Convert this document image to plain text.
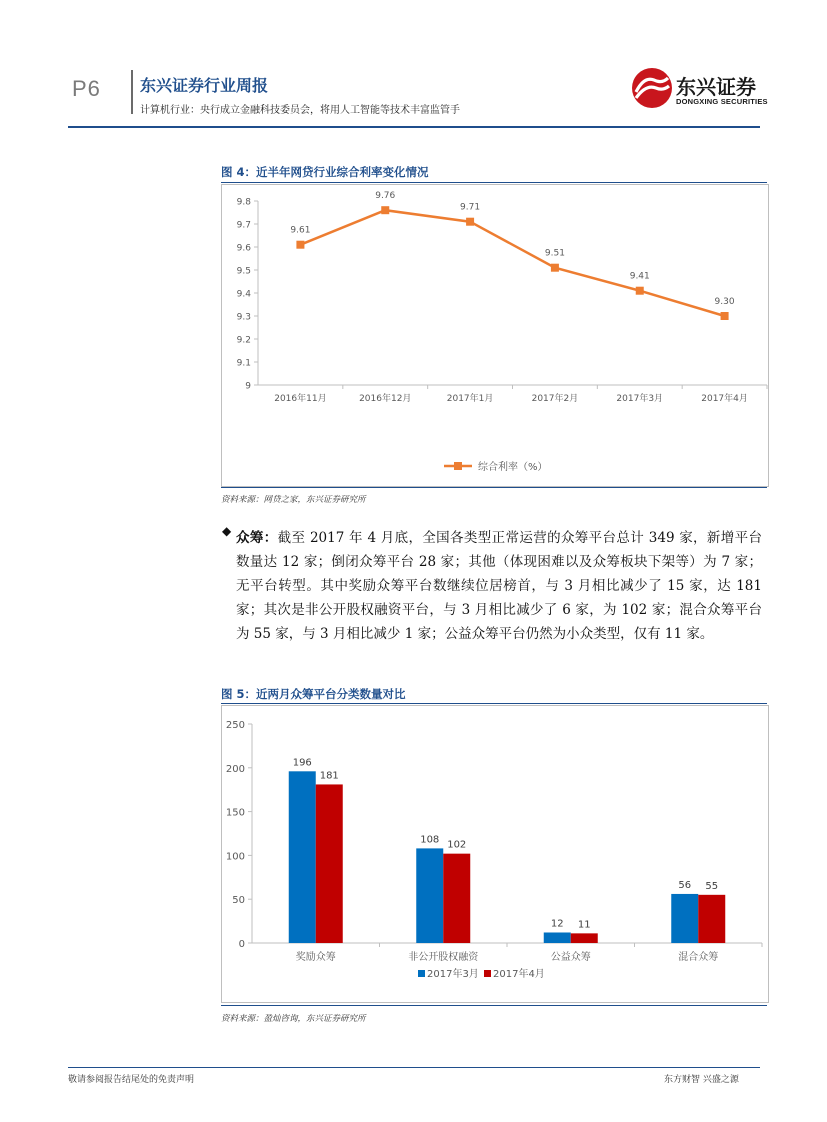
P6 东兴证券行业周报
计算机行业：央行成立金融科技委员会，将用人工智能等技术丰富监管手
东兴证券
DONGXING SECURITIES
图 4：近半年网贷行业综合利率变化情况
9
9.1
9.2
9.3
9.4
9.5
9.6
9.7
9.8
2016年11月	2016年12月	2017年1月	2017年2月	2017年3月	2017年4月
9.61
9.76
9.71
9.51
9.41
9.30
综合利率（%）
资料来源：网贷之家，东兴证券研究所
◆ 众筹：截至 2017 年 4 月底，全国各类型正常运营的众筹平台总计 349 家，新增平台数量达 12 家；倒闭众筹平台 28 家；其他（体现困难以及众筹板块下架等）为 7 家；无平台转型。其中奖励众筹平台数继续位居榜首，与 3 月相比减少了 15 家，达 181 家；其次是非公开股权融资平台，与 3 月相比减少了 6 家，为 102 家；混合众筹平台为 55 家，与 3 月相比减少 1 家；公益众筹平台仍然为小众类型，仅有 11 家。
图 5：近两月众筹平台分类数量对比
0
50
100
150
200
250
奖励众筹
196
181
非公开股权融资
108 102
公益众筹
12 11
混合众筹
56 55
2017年3月 2017年4月
资料来源：盈灿咨询，东兴证券研究所
敬请参阅报告结尾处的免责声明	东方财智 兴盛之源
